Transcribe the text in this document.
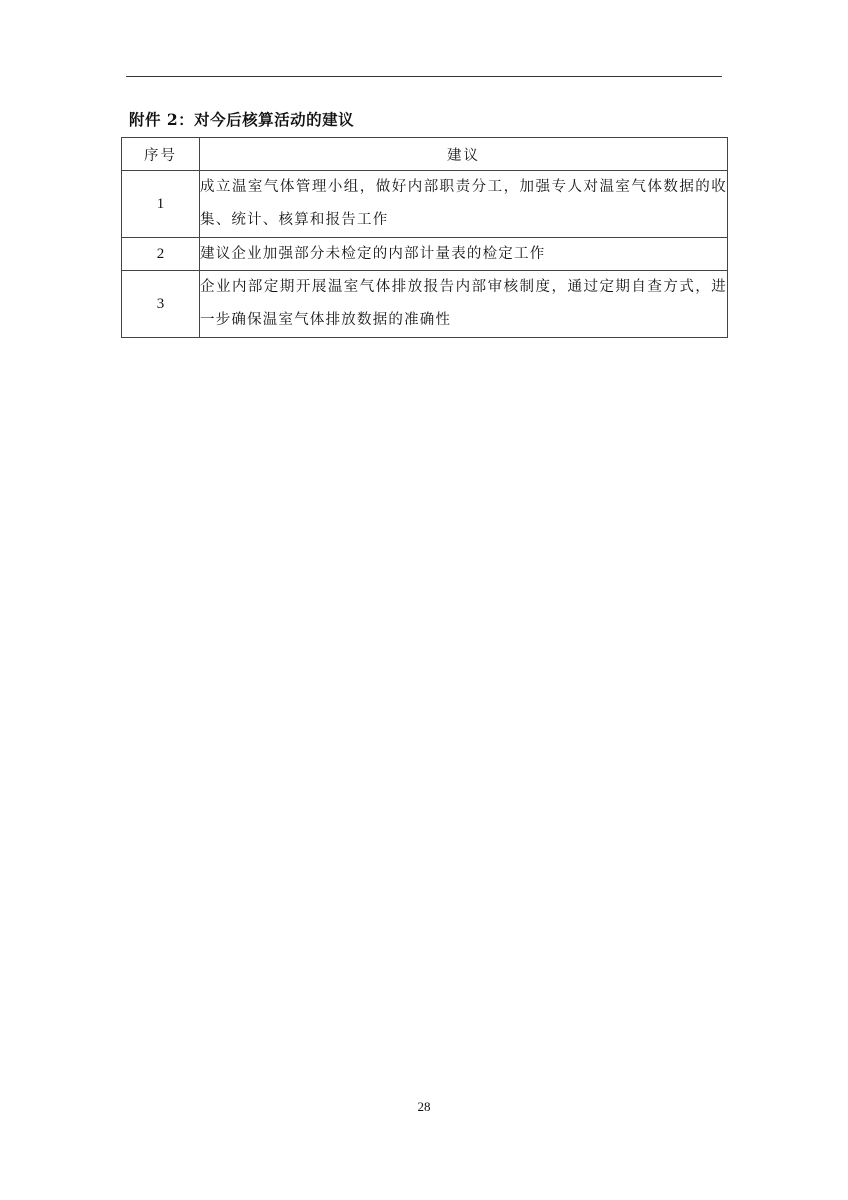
附件 2：对今后核算活动的建议
序号	建议
1	成立温室气体管理小组，做好内部职责分工，加强专人对温室气体数据的收集、统计、核算和报告工作
2	建议企业加强部分未检定的内部计量表的检定工作
3	企业内部定期开展温室气体排放报告内部审核制度，通过定期自查方式，进一步确保温室气体排放数据的准确性
28
